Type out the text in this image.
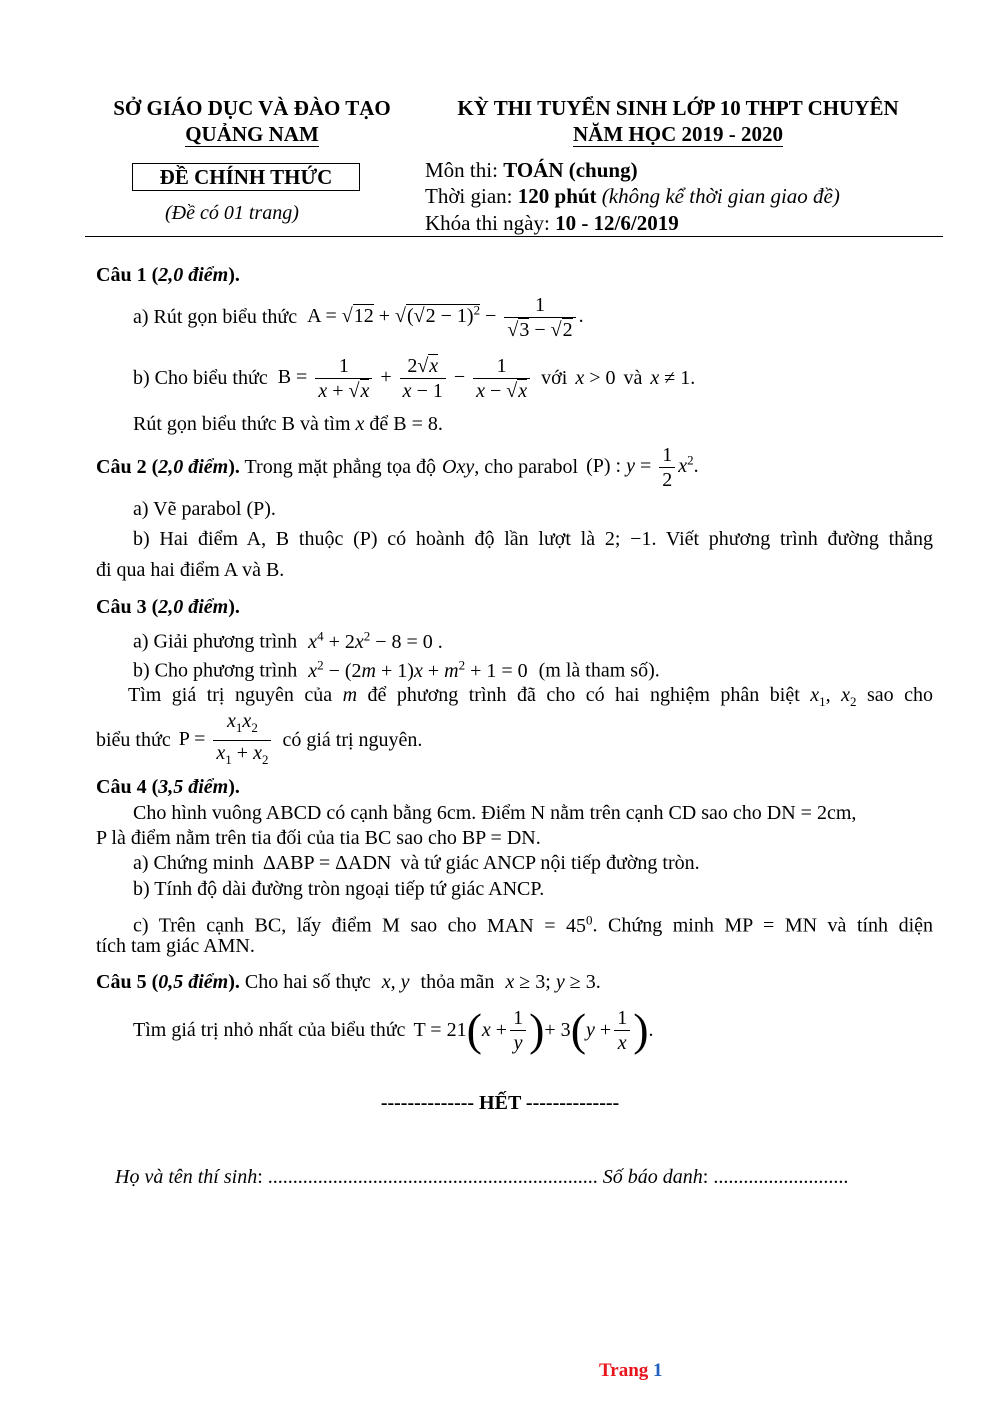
SỞ GIÁO DỤC VÀ ĐÀO TẠO
QUẢNG NAM
ĐỀ CHÍNH THỨC
(Đề có 01 trang)
KỲ THI TUYỂN SINH LỚP 10 THPT CHUYÊN
NĂM HỌC 2019 - 2020
Môn thi: TOÁN (chung)
Thời gian: 120 phút (không kể thời gian giao đề)
Khóa thi ngày: 10 - 12/6/2019
Câu 1 (2,0 điểm).
a) Rút gọn biểu thức $A = √12 + √(√2 - 1)^2 - \frac{1}{√3 - √2}$ .
b) Cho biểu thức $B = \frac{1}{x + √x} + \frac{2√x}{x - 1} - \frac{1}{x - √x}$ với x > 0 và x ≠ 1.
Rút gọn biểu thức B và tìm x để B = 8.
Câu 2 ( 2,0 điểm ). Trong mặt phẳng tọa độ Oxy , cho parabol (P) : $y = \frac{1}{2} x^2$.
a) Vẽ parabol (P).
b) Hai điểm A, B thuộc (P) có hoành độ lần lượt là 2; −1. Viết phương trình đường thẳng
đi qua hai điểm A và B.
Câu 3 (2,0 điểm).
a) Giải phương trình $x^4 + 2x^2 - 8 = 0$ .
b) Cho phương trình $x^2 - (2m + 1)x + m^2 + 1 = 0$ (m là tham số).
Tìm giá trị nguyên của m để phương trình đã cho có hai nghiệm phân biệt $x_1$, $x_2$ sao cho
biểu thức $P = \frac{x_1x_2}{x_1 + x_2}$ có giá trị nguyên.
Câu 4 (3,5 điểm).
Cho hình vuông ABCD có cạnh bằng 6cm. Điểm N nằm trên cạnh CD sao cho DN = 2cm,
P là điểm nằm trên tia đối của tia BC sao cho BP = DN.
a) Chứng minh ΔABP = ΔADN và tứ giác ANCP nội tiếp đường tròn.
b) Tính độ dài đường tròn ngoại tiếp tứ giác ANCP.
c) Trên cạnh BC, lấy điểm M sao cho MAN = $45^0$. Chứng minh MP = MN và tính diện
tích tam giác AMN.
Câu 5 (0,5 điểm). Cho hai số thực x, y thỏa mãn x ≥ 3; y ≥ 3.
Tìm giá trị nhỏ nhất của biểu thức T = 21 ( $x + \frac{1}{y}$ ) + 3 ( $y + \frac{1}{x}$ ) .
-------------- HẾT --------------
Họ và tên thí sinh: .................................................................. Số báo danh: ...........................
Trang 1
